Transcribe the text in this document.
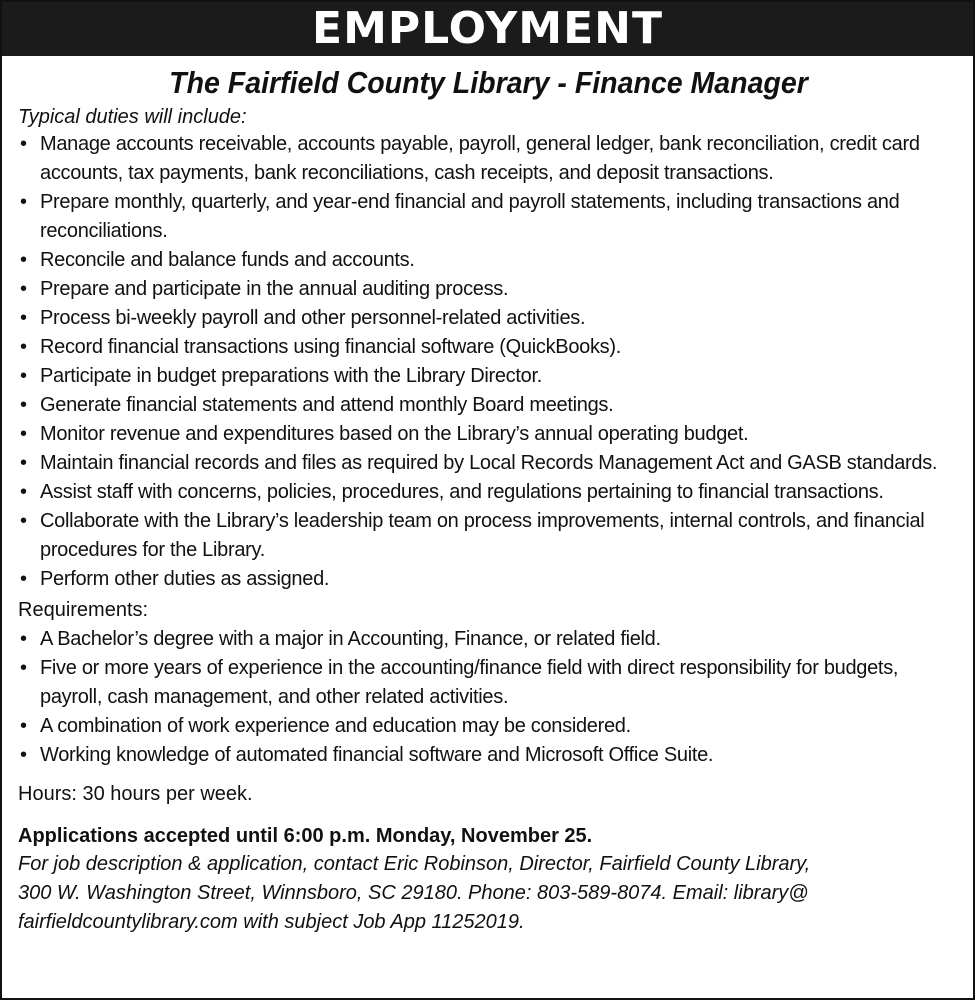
EMPLOYMENT
The Fairfield County Library - Finance Manager
Typical duties will include:
• Manage accounts receivable, accounts payable, payroll, general ledger, bank reconciliation, credit card accounts, tax payments, bank reconciliations, cash receipts, and deposit transactions.
• Prepare monthly, quarterly, and year-end financial and payroll statements, including transactions and reconciliations.
• Reconcile and balance funds and accounts.
• Prepare and participate in the annual auditing process.
• Process bi-weekly payroll and other personnel-related activities.
• Record financial transactions using financial software (QuickBooks).
• Participate in budget preparations with the Library Director.
• Generate financial statements and attend monthly Board meetings.
• Monitor revenue and expenditures based on the Library’s annual operating budget.
• Maintain financial records and files as required by Local Records Management Act and GASB standards.
• Assist staff with concerns, policies, procedures, and regulations pertaining to financial transactions.
• Collaborate with the Library’s leadership team on process improvements, internal controls, and financial procedures for the Library.
• Perform other duties as assigned.
Requirements:
• A Bachelor’s degree with a major in Accounting, Finance, or related field.
• Five or more years of experience in the accounting/finance field with direct responsibility for budgets, payroll, cash management, and other related activities.
• A combination of work experience and education may be considered.
• Working knowledge of automated financial software and Microsoft Office Suite.
Hours: 30 hours per week.
Applications accepted until 6:00 p.m. Monday, November 25.
For job description & application, contact Eric Robinson, Director, Fairfield County Library,
300 W. Washington Street, Winnsboro, SC 29180. Phone: 803-589-8074. Email: library@
fairfieldcountylibrary.com with subject Job App 11252019.
